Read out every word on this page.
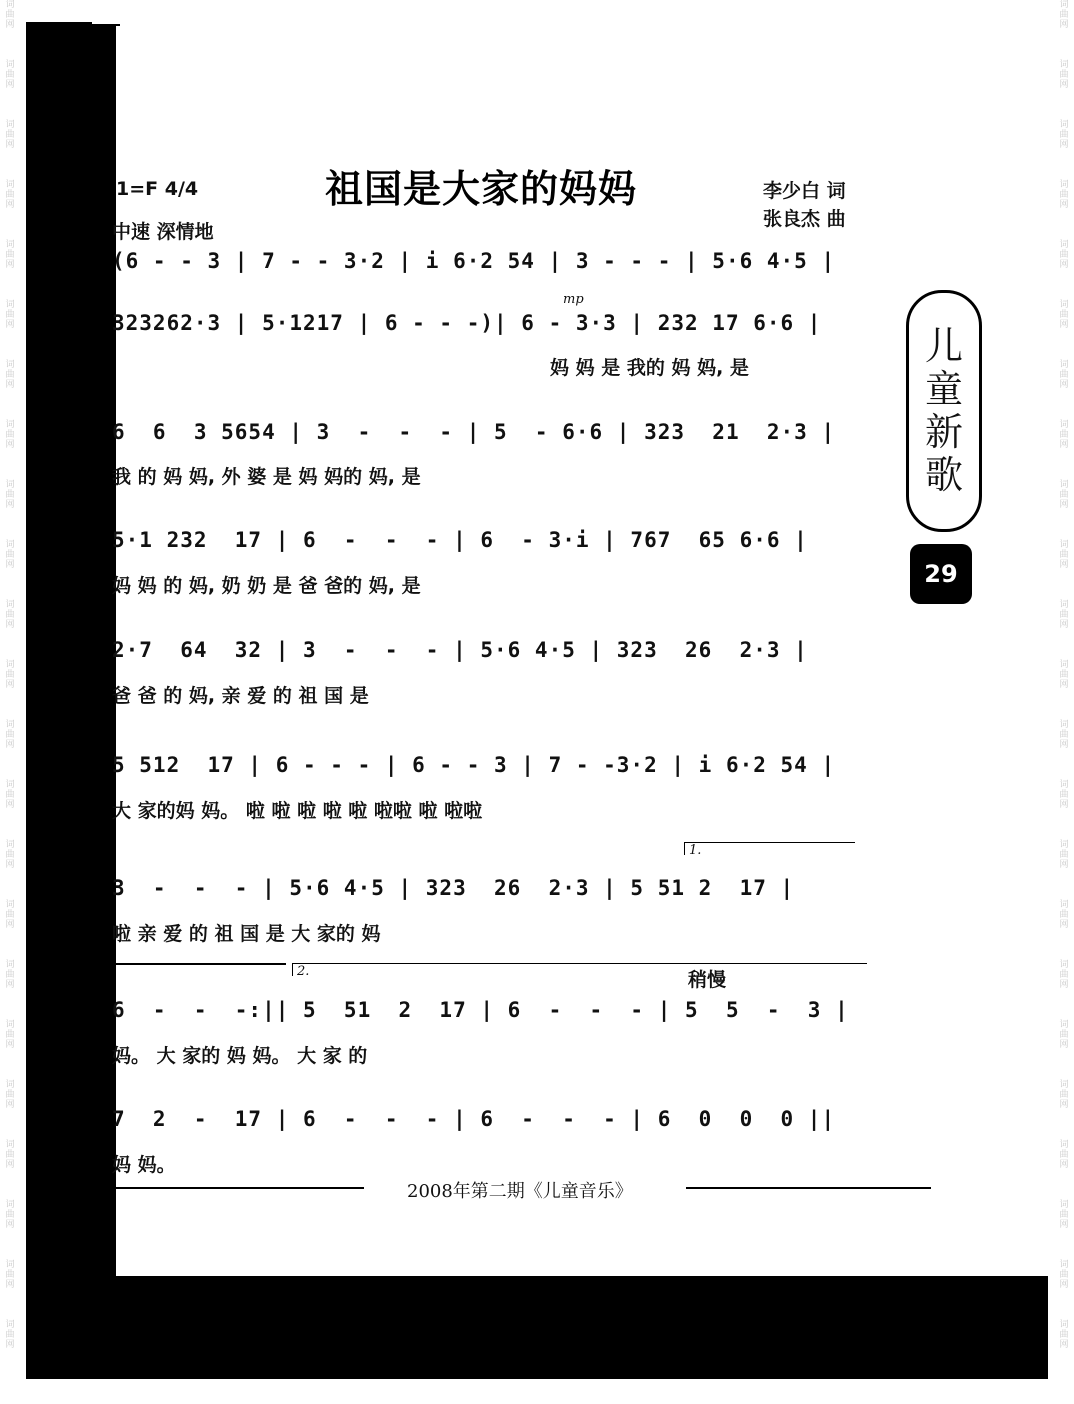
词
曲
网
词
曲
网
词
曲
网
词
曲
网
词
曲
网
词
曲
网
词
曲
网
词
曲
网
词
曲
网
词
曲
网
词
曲
网
词
曲
网
词
曲
网
词
曲
网
词
曲
网
词
曲
网
词
曲
网
词
曲
网
词
曲
网
词
曲
网
词
曲
网
词
曲
网
词
曲
网
词
曲
网
词
曲
网
词
曲
网
词
曲
网
词
曲
网
词
曲
网
词
曲
网
词
曲
网
词
曲
网
词
曲
网
词
曲
网
词
曲
网
词
曲
网
词
曲
网
词
曲
网
词
曲
网
词
曲
网
词
曲
网
词
曲
网
词
曲
网
词
曲
网
词
曲
网
词
曲
网
1=F 4/4	祖国是大家的妈妈	李少白 词
张良杰 曲
中速 深情地
儿
童
新
歌
29
(6 - - 3 | 7 - - 3·2 | i 6·2 54 | 3 - - - | 5·6 4·5 |
mp
323262·3 | 5·1217 | 6 - - -)| 6 - 3·3 | 232 17 6·6 |
妈 妈 是 我的 妈 妈, 是
6  6  3 5654 | 3  -  -  - | 5  - 6·6 | 323  21  2·3 |
我 的 妈 妈, 外 婆 是 妈 妈的 妈, 是
5·1 232  17 | 6  -  -  - | 6  - 3·i | 767  65 6·6 |
妈 妈 的 妈, 奶 奶 是 爸 爸的 妈, 是
2·7  64  32 | 3  -  -  - | 5·6 4·5 | 323  26  2·3 |
爸 爸 的 妈, 亲 爱 的 祖 国 是
5 512  17 | 6 - - - | 6 - - 3 | 7 - -3·2 | i 6·2 54 |
大 家的妈 妈。 啦 啦 啦 啦 啦 啦啦 啦 啦啦
1.
3  -  -  - | 5·6 4·5 | 323  26  2·3 | 5 51 2  17 |
啦 亲 爱 的 祖 国 是 大 家的 妈
2.	稍慢
6  -  -  -:|| 5  51  2  17 | 6  -  -  - | 5  5  -  3 |
妈。 大 家的 妈 妈。 大 家 的
7  2  -  17 | 6  -  -  - | 6  -  -  - | 6  0  0  0 ||
妈 妈。
2008年第二期《儿童音乐》
